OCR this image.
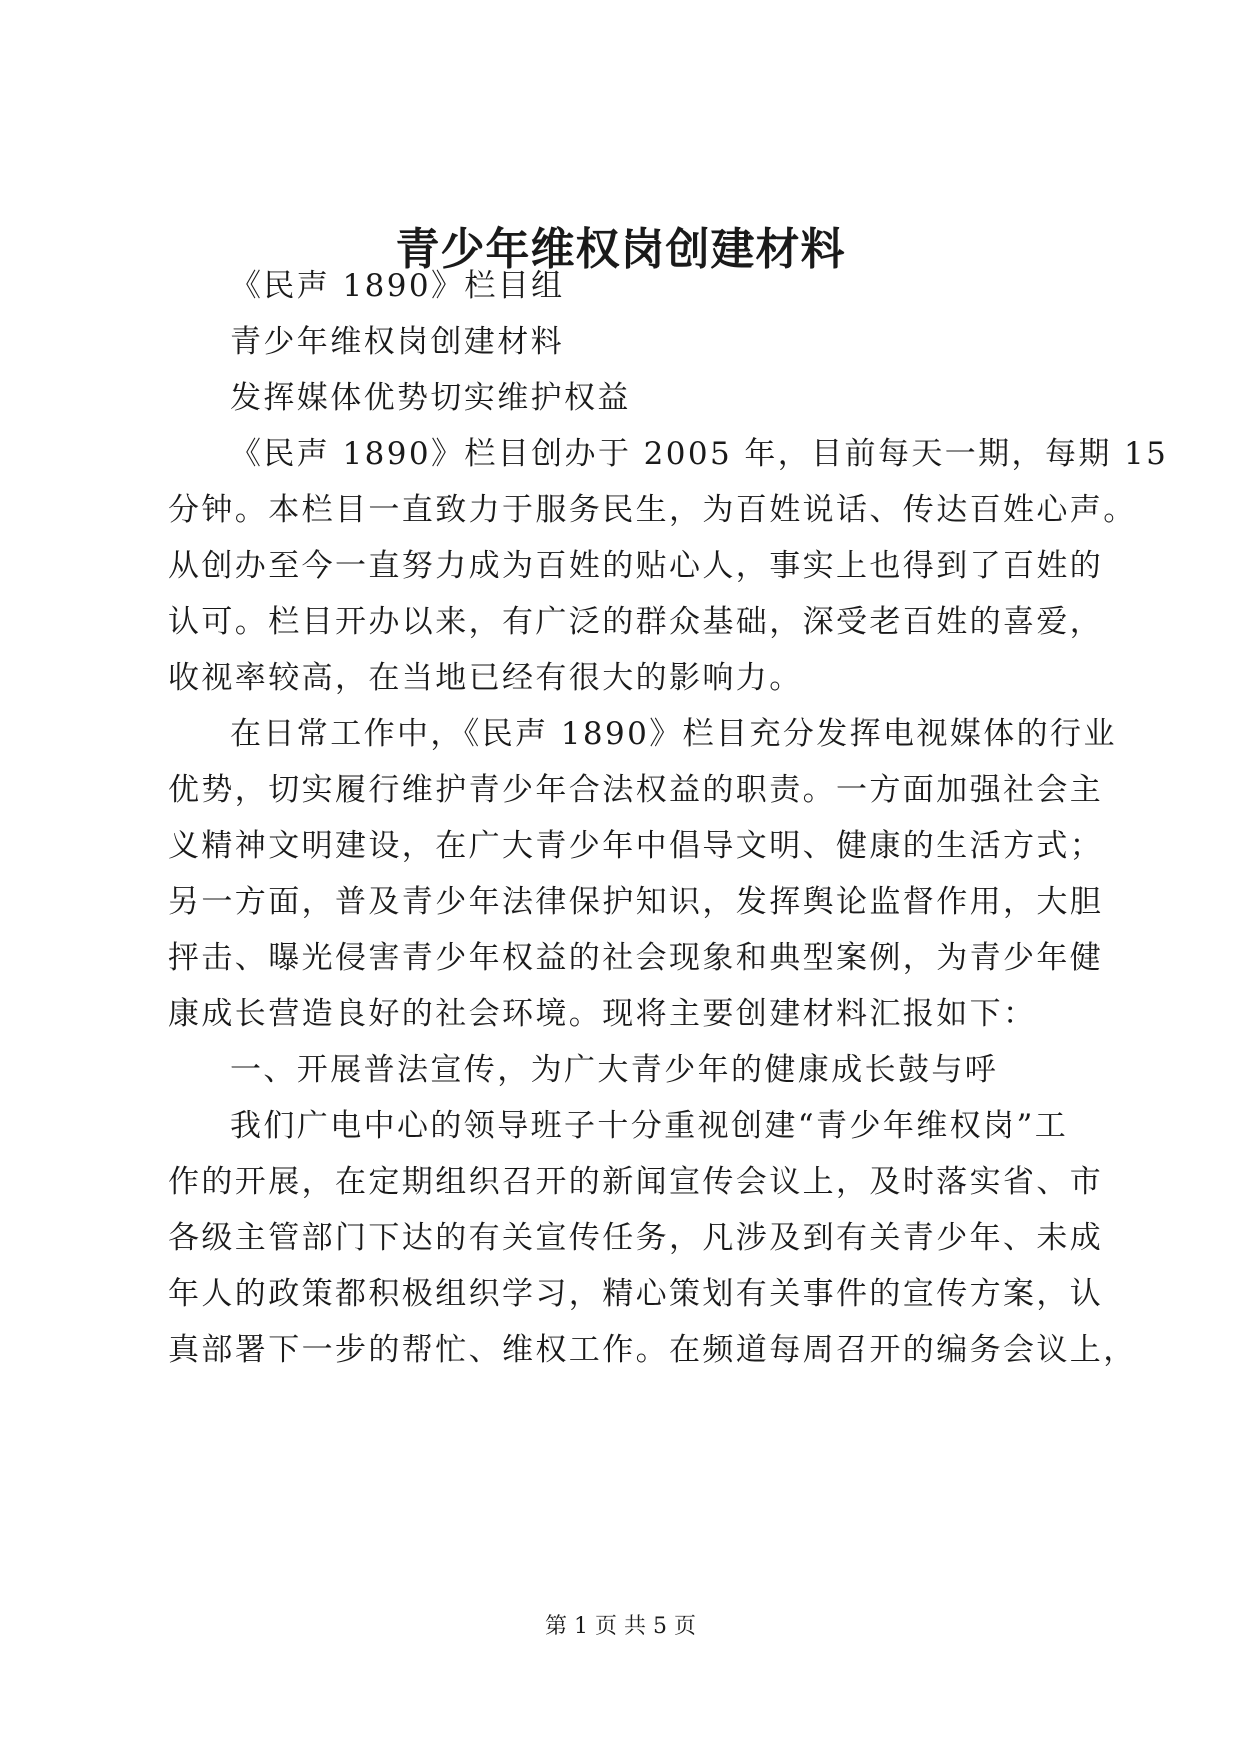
青少年维权岗创建材料
《民声 1890》栏目组
青少年维权岗创建材料
发挥媒体优势切实维护权益
《民声 1890》栏目创办于 2005 年，目前每天一期，每期 15
分钟。本栏目一直致力于服务民生，为百姓说话、传达百姓心声。
从创办至今一直努力成为百姓的贴心人，事实上也得到了百姓的
认可。栏目开办以来，有广泛的群众基础，深受老百姓的喜爱，
收视率较高，在当地已经有很大的影响力。
在日常工作中，《民声 1890》栏目充分发挥电视媒体的行业
优势，切实履行维护青少年合法权益的职责。一方面加强社会主
义精神文明建设，在广大青少年中倡导文明、健康的生活方式；
另一方面，普及青少年法律保护知识，发挥舆论监督作用，大胆
抨击、曝光侵害青少年权益的社会现象和典型案例，为青少年健
康成长营造良好的社会环境。现将主要创建材料汇报如下：
一、开展普法宣传，为广大青少年的健康成长鼓与呼
我们广电中心的领导班子十分重视创建“青少年维权岗”工
作的开展，在定期组织召开的新闻宣传会议上，及时落实省、市
各级主管部门下达的有关宣传任务，凡涉及到有关青少年、未成
年人的政策都积极组织学习，精心策划有关事件的宣传方案，认
真部署下一步的帮忙、维权工作。在频道每周召开的编务会议上，
第 1 页 共 5 页
